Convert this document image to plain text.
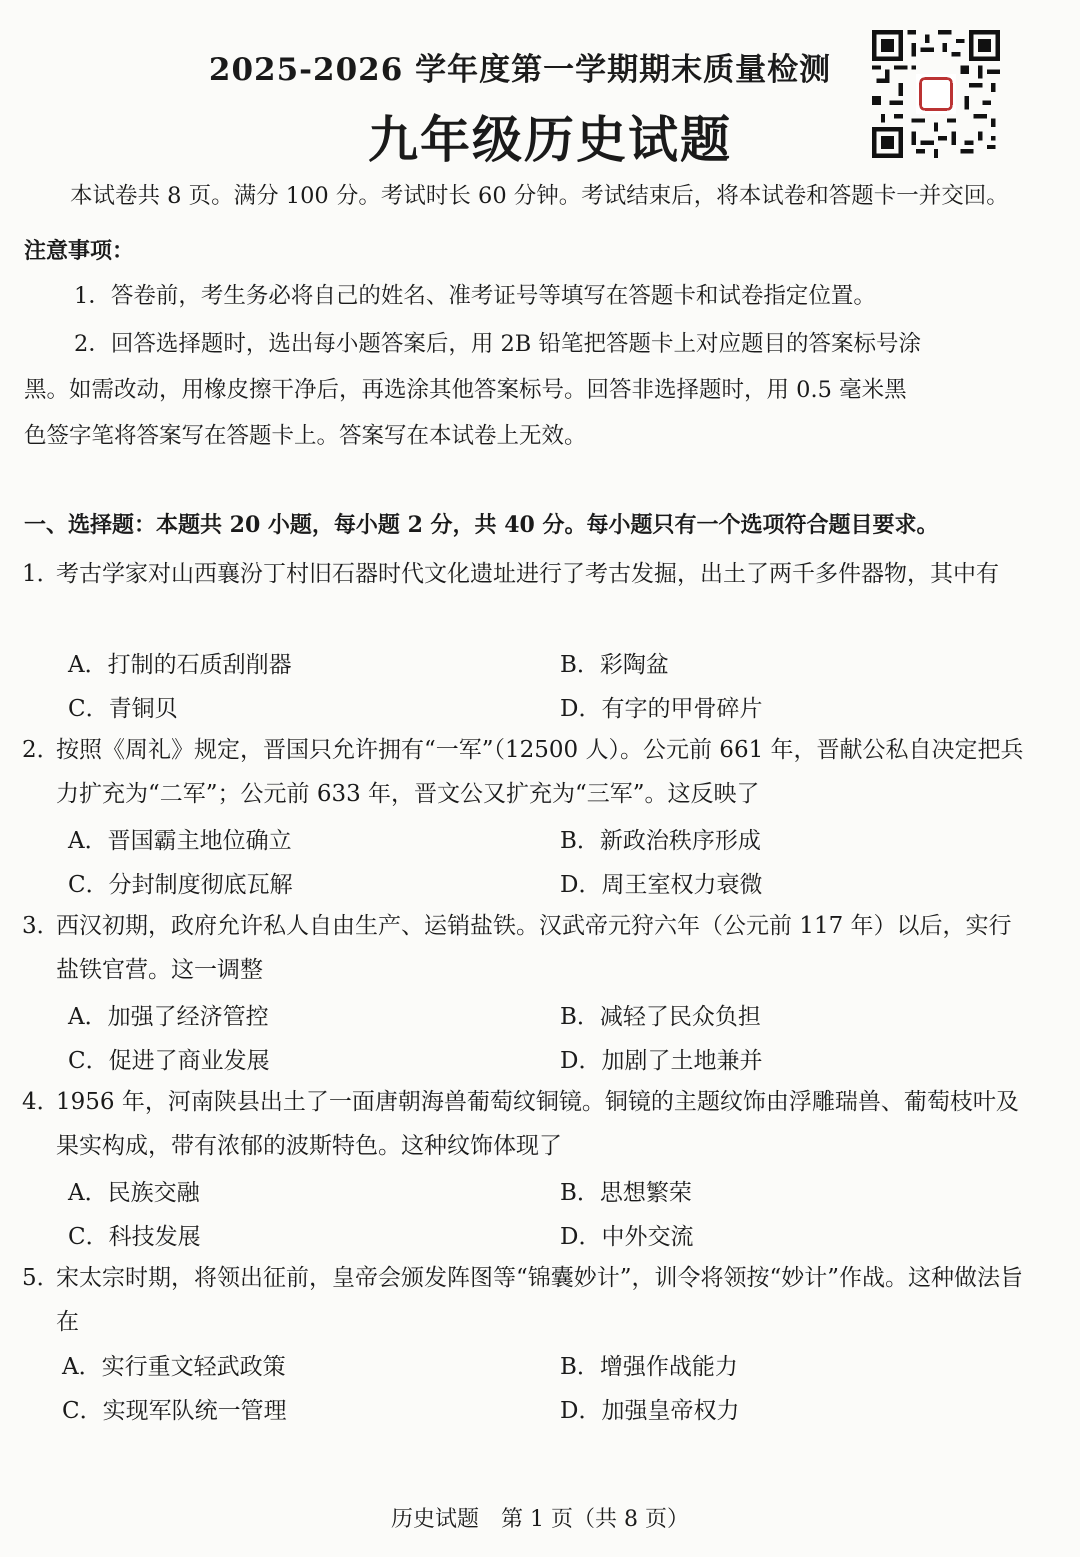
2025-2026 学年度第一学期期末质量检测
九年级历史试题
本试卷共 8 页。满分 100 分。考试时长 60 分钟。考试结束后，将本试卷和答题卡一并交回。
注意事项：
1．答卷前，考生务必将自己的姓名、准考证号等填写在答题卡和试卷指定位置。
2．回答选择题时，选出每小题答案后，用 2B 铅笔把答题卡上对应题目的答案标号涂
黑。如需改动，用橡皮擦干净后，再选涂其他答案标号。回答非选择题时，用 0.5 毫米黑
色签字笔将答案写在答题卡上。答案写在本试卷上无效。
一、选择题：本题共 20 小题，每小题 2 分，共 40 分。每小题只有一个选项符合题目要求。
1．
考古学家对山西襄汾丁村旧石器时代文化遗址进行了考古发掘，出土了两千多件器物，其中有
A．打制的石质刮削器	B．彩陶盆
C．青铜贝	D．有字的甲骨碎片
2．
按照《周礼》规定，晋国只允许拥有“一军”（12500 人）。公元前 661 年，晋献公私自决定把兵力扩充为“二军”；公元前 633 年，晋文公又扩充为“三军”。这反映了
A．晋国霸主地位确立	B．新政治秩序形成
C．分封制度彻底瓦解	D．周王室权力衰微
3．
西汉初期，政府允许私人自由生产、运销盐铁。汉武帝元狩六年（公元前 117 年）以后，实行盐铁官营。这一调整
A．加强了经济管控	B．减轻了民众负担
C．促进了商业发展	D．加剧了土地兼并
4．
1956 年，河南陕县出土了一面唐朝海兽葡萄纹铜镜。铜镜的主题纹饰由浮雕瑞兽、葡萄枝叶及果实构成，带有浓郁的波斯特色。这种纹饰体现了
A．民族交融	B．思想繁荣
C．科技发展	D．中外交流
5．
宋太宗时期，将领出征前，皇帝会颁发阵图等“锦囊妙计”，训令将领按“妙计”作战。这种做法旨在
A．实行重文轻武政策	B．增强作战能力
C．实现军队统一管理	D．加强皇帝权力
历史试题　第 1 页（共 8 页）
